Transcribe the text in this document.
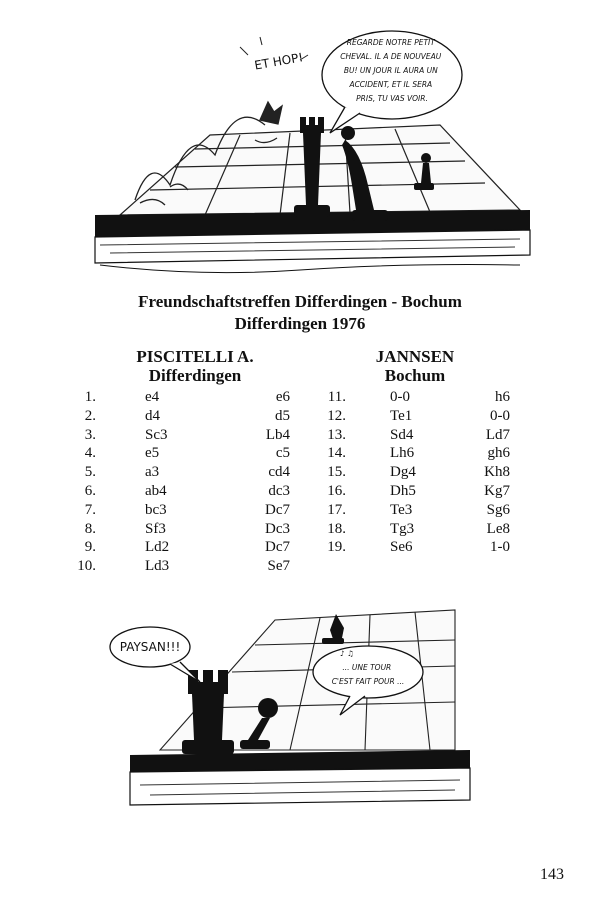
ET HOP!
REGARDE NOTRE PETIT CHEVAL. IL A DE NOUVEAU BU! UN JOUR IL AURA UN ACCIDENT, ET IL SERA PRIS, TU VAS VOIR.
Freundschaftstreffen Differdingen - Bochum
Differdingen 1976
PISCITELLI A.
Differdingen
JANNSEN
Bochum
1.	e4	e6
2.	d4	d5
3.	Sc3	Lb4
4.	e5	c5
5.	a3	cd4
6.	ab4	dc3
7.	bc3	Dc7
8.	Sf3	Dc3
9.	Ld2	Dc7
10.	Ld3	Se7
11.	0-0	h6
12.	Te1	0-0
13.	Sd4	Ld7
14.	Lh6	gh6
15.	Dg4	Kh8
16.	Dh5	Kg7
17.	Te3	Sg6
18.	Tg3	Le8
19.	Se6	1-0
PAYSAN!!!
... UNE TOUR C'EST FAIT POUR ...
♪ ♫
143
